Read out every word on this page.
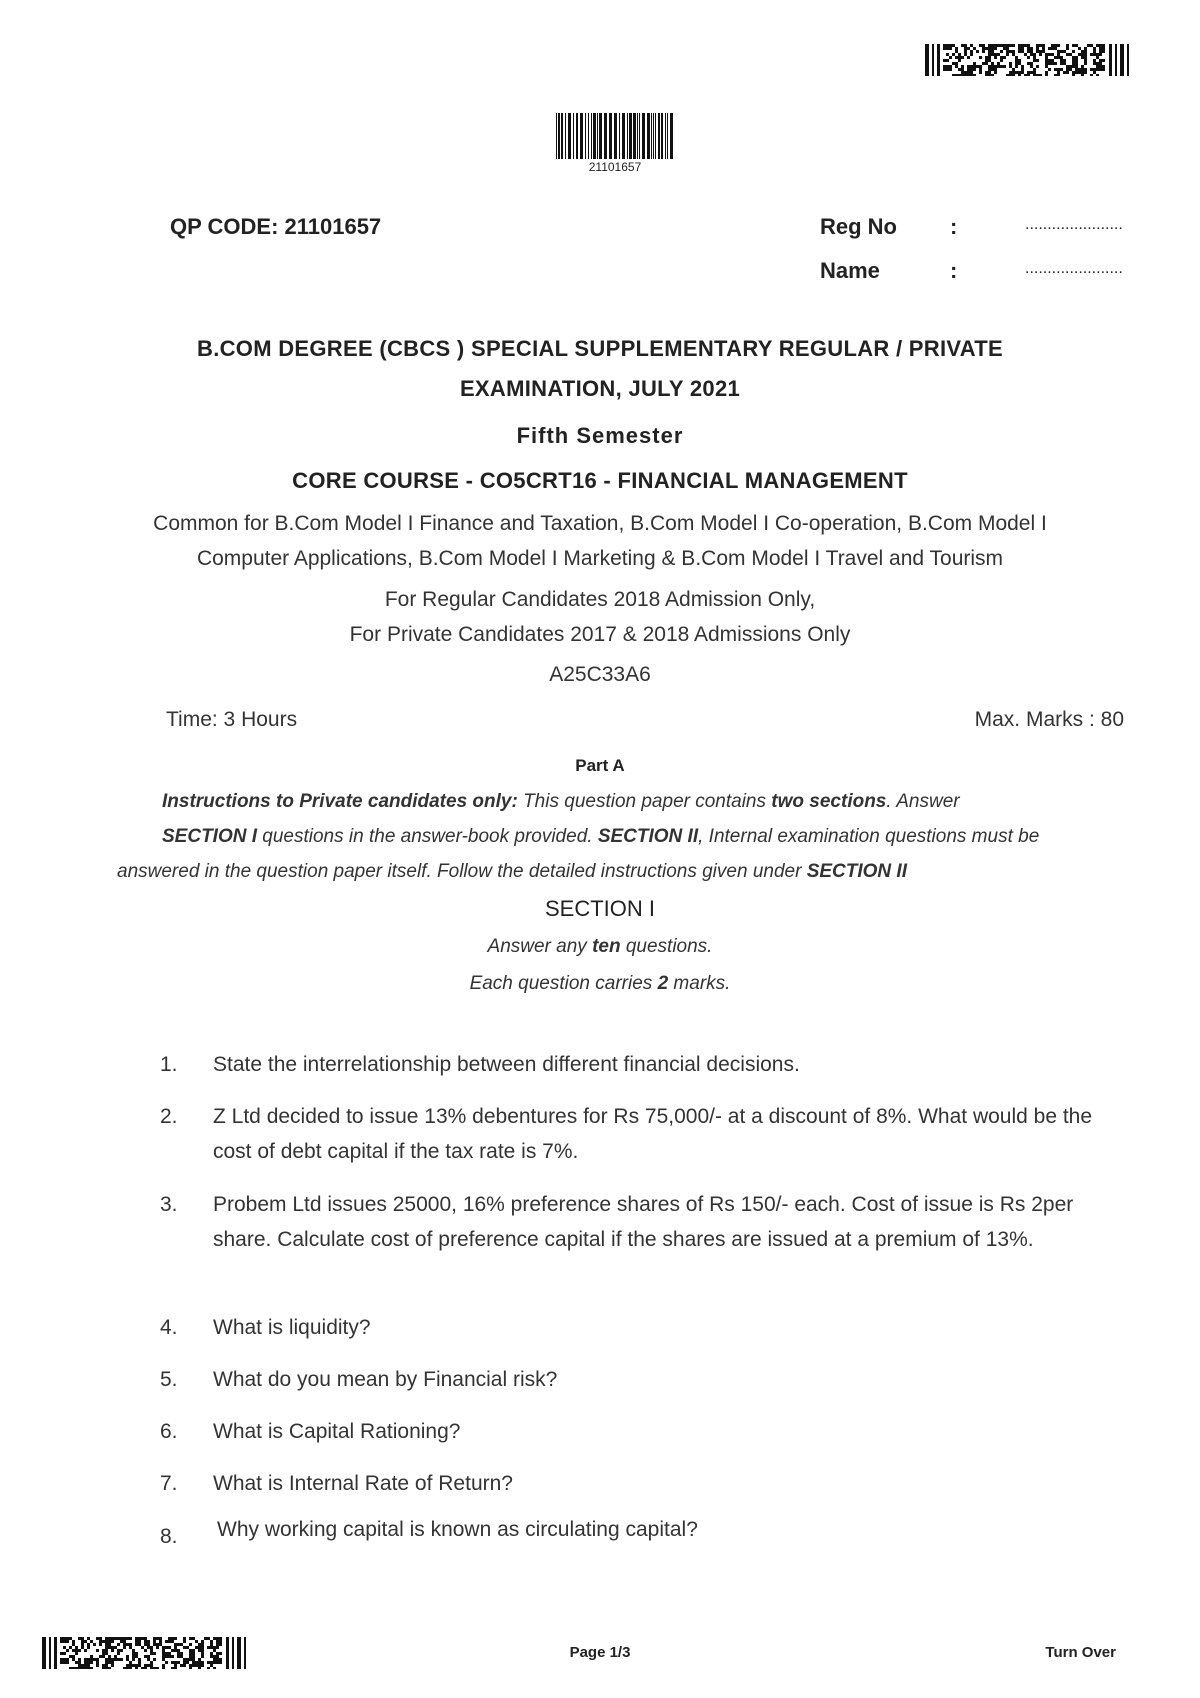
21101657
QP CODE: 21101657	Reg No :	......................
Name	:	......................
B.COM DEGREE (CBCS ) SPECIAL SUPPLEMENTARY REGULAR / PRIVATE
EXAMINATION, JULY 2021
Fifth Semester
CORE COURSE - CO5CRT16 - FINANCIAL MANAGEMENT
Common for B.Com Model I Finance and Taxation, B.Com Model I Co-operation, B.Com Model I
Computer Applications, B.Com Model I Marketing & B.Com Model I Travel and Tourism
For Regular Candidates 2018 Admission Only,
For Private Candidates 2017 & 2018 Admissions Only
A25C33A6
Time: 3 Hours	Max. Marks : 80
Part A
Instructions to Private candidates only: This question paper contains two sections. Answer
SECTION I questions in the answer-book provided. SECTION II, Internal examination questions must be
answered in the question paper itself. Follow the detailed instructions given under SECTION II
SECTION I
Answer any ten questions.
Each question carries 2 marks.
1. State the interrelationship between different financial decisions.
2. Z Ltd decided to issue 13% debentures for Rs 75,000/- at a discount of 8%. What would be the cost of debt capital if the tax rate is 7%.
3. Probem Ltd issues 25000, 16% preference shares of Rs 150/- each. Cost of issue is Rs 2per share. Calculate cost of preference capital if the shares are issued at a premium of 13%.
4. What is liquidity?
5. What do you mean by Financial risk?
6. What is Capital Rationing?
7. What is Internal Rate of Return?
8. Why working capital is known as circulating capital?
Page 1/3	Turn Over
